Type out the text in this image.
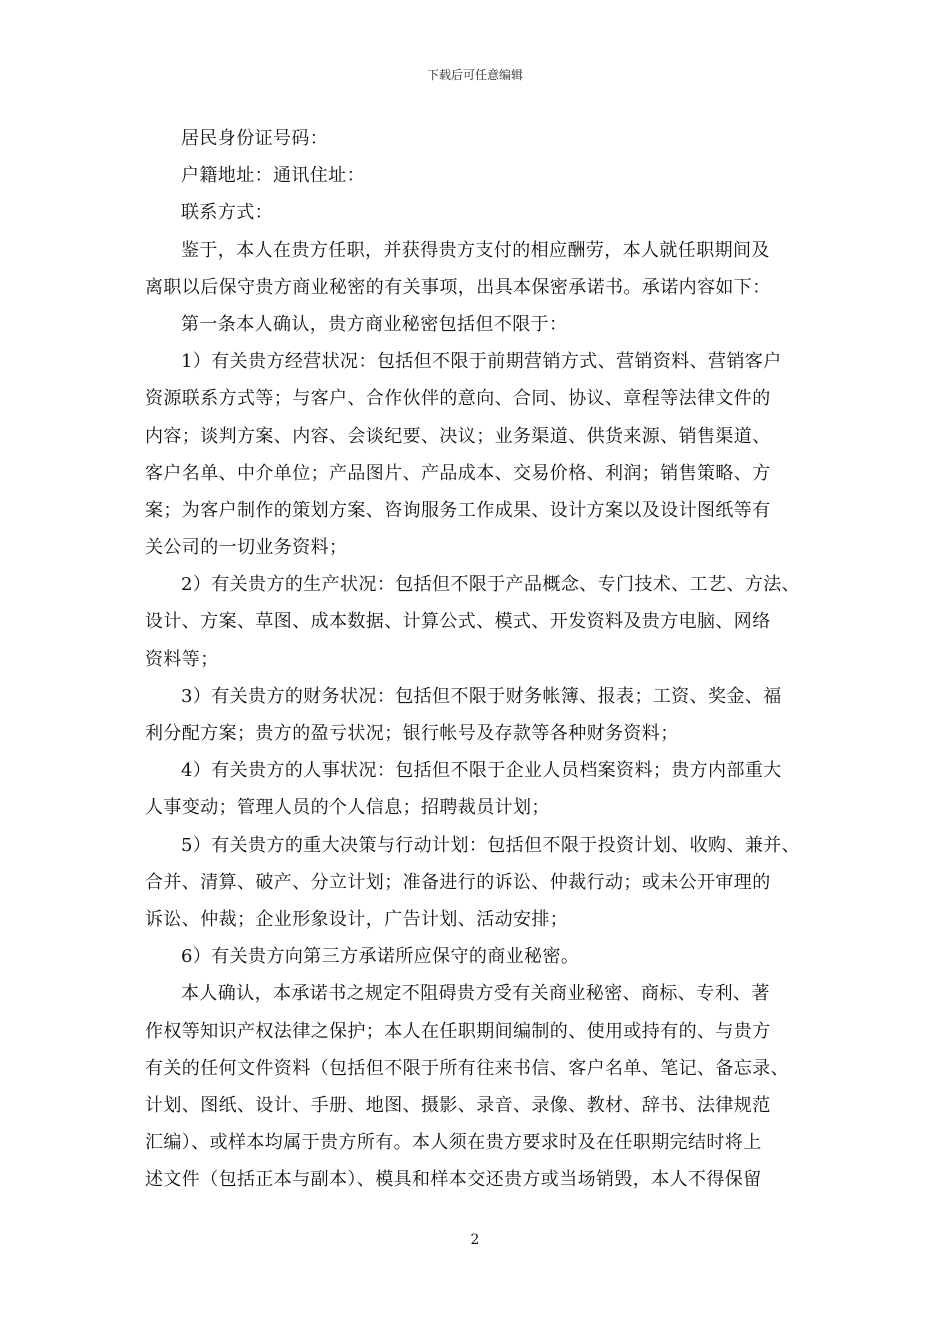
下载后可任意编辑
居民身份证号码：
户籍地址：通讯住址：
联系方式：
鉴于，本人在贵方任职，并获得贵方支付的相应酬劳，本人就任职期间及
离职以后保守贵方商业秘密的有关事项，出具本保密承诺书。承诺内容如下：
第一条本人确认，贵方商业秘密包括但不限于：
1）有关贵方经营状况：包括但不限于前期营销方式、营销资料、营销客户
资源联系方式等；与客户、合作伙伴的意向、合同、协议、章程等法律文件的
内容；谈判方案、内容、会谈纪要、决议；业务渠道、供货来源、销售渠道、
客户名单、中介单位；产品图片、产品成本、交易价格、利润；销售策略、方
案；为客户制作的策划方案、咨询服务工作成果、设计方案以及设计图纸等有
关公司的一切业务资料；
2）有关贵方的生产状况：包括但不限于产品概念、专门技术、工艺、方法、
设计、方案、草图、成本数据、计算公式、模式、开发资料及贵方电脑、网络
资料等；
3）有关贵方的财务状况：包括但不限于财务帐簿、报表；工资、奖金、福
利分配方案；贵方的盈亏状况；银行帐号及存款等各种财务资料；
4）有关贵方的人事状况：包括但不限于企业人员档案资料；贵方内部重大
人事变动；管理人员的个人信息；招聘裁员计划；
5）有关贵方的重大决策与行动计划：包括但不限于投资计划、收购、兼并、
合并、清算、破产、分立计划；准备进行的诉讼、仲裁行动；或未公开审理的
诉讼、仲裁；企业形象设计，广告计划、活动安排；
6）有关贵方向第三方承诺所应保守的商业秘密。
本人确认，本承诺书之规定不阻碍贵方受有关商业秘密、商标、专利、著
作权等知识产权法律之保护；本人在任职期间编制的、使用或持有的、与贵方
有关的任何文件资料（包括但不限于所有往来书信、客户名单、笔记、备忘录、
计划、图纸、设计、手册、地图、摄影、录音、录像、教材、辞书、法律规范
汇编）、或样本均属于贵方所有。本人须在贵方要求时及在任职期完结时将上
述文件（包括正本与副本）、模具和样本交还贵方或当场销毁，本人不得保留
2
